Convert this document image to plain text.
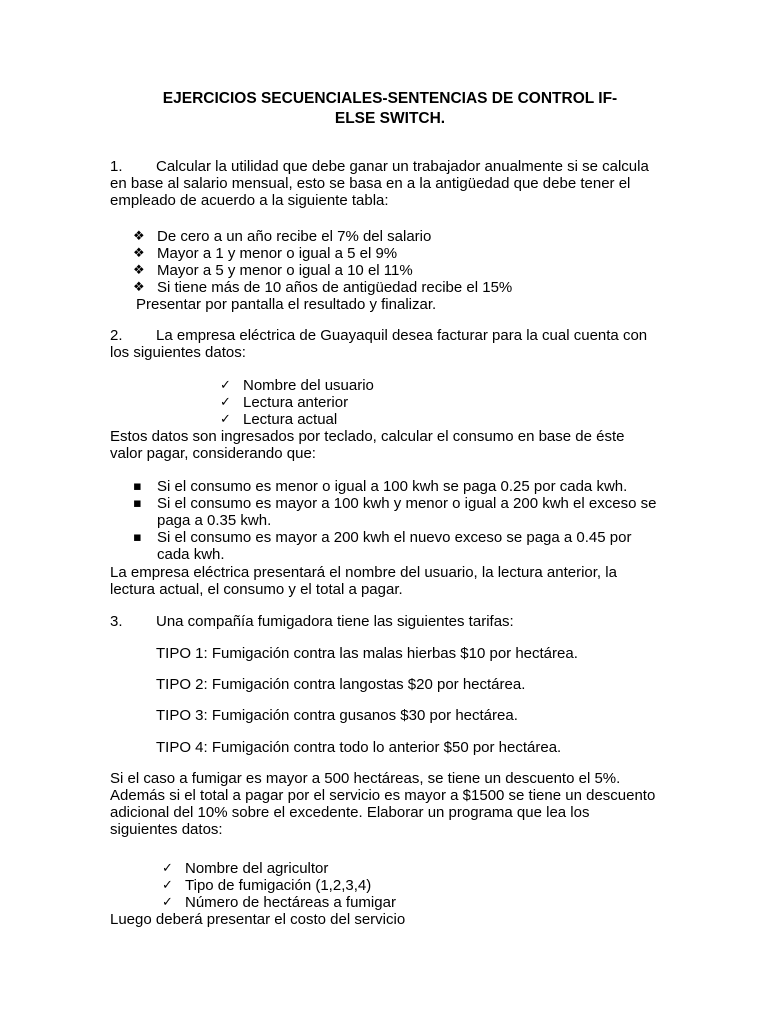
EJERCICIOS SECUENCIALES-SENTENCIAS DE CONTROL IF-
ELSE SWITCH.
1. Calcular la utilidad que debe ganar un trabajador anualmente si se calcula
en base al salario mensual, esto se basa en a la antigüedad que debe tener el
empleado de acuerdo a la siguiente tabla:
❖ De cero a un año recibe el 7% del salario
❖ Mayor a 1 y menor o igual a 5 el 9%
❖ Mayor a 5 y menor o igual a 10 el 11%
❖ Si tiene más de 10 años de antigüedad recibe el 15%
Presentar por pantalla el resultado y finalizar.
2. La empresa eléctrica de Guayaquil desea facturar para la cual cuenta con
los siguientes datos:
✓ Nombre del usuario
✓ Lectura anterior
✓ Lectura actual
Estos datos son ingresados por teclado, calcular el consumo en base de éste
valor pagar, considerando que:
▪ Si el consumo es menor o igual a 100 kwh se paga 0.25 por cada kwh.
▪ Si el consumo es mayor a 100 kwh y menor o igual a 200 kwh el exceso se
paga a 0.35 kwh.
▪ Si el consumo es mayor a 200 kwh el nuevo exceso se paga a 0.45 por
cada kwh.
La empresa eléctrica presentará el nombre del usuario, la lectura anterior, la
lectura actual, el consumo y el total a pagar.
3. Una compañía fumigadora tiene las siguientes tarifas:
TIPO 1: Fumigación contra las malas hierbas $10 por hectárea.
TIPO 2: Fumigación contra langostas $20 por hectárea.
TIPO 3: Fumigación contra gusanos $30 por hectárea.
TIPO 4: Fumigación contra todo lo anterior $50 por hectárea.
Si el caso a fumigar es mayor a 500 hectáreas, se tiene un descuento el 5%.
Además si el total a pagar por el servicio es mayor a $1500 se tiene un descuento
adicional del 10% sobre el excedente. Elaborar un programa que lea los
siguientes datos:
✓ Nombre del agricultor
✓ Tipo de fumigación (1,2,3,4)
✓ Número de hectáreas a fumigar
Luego deberá presentar el costo del servicio
